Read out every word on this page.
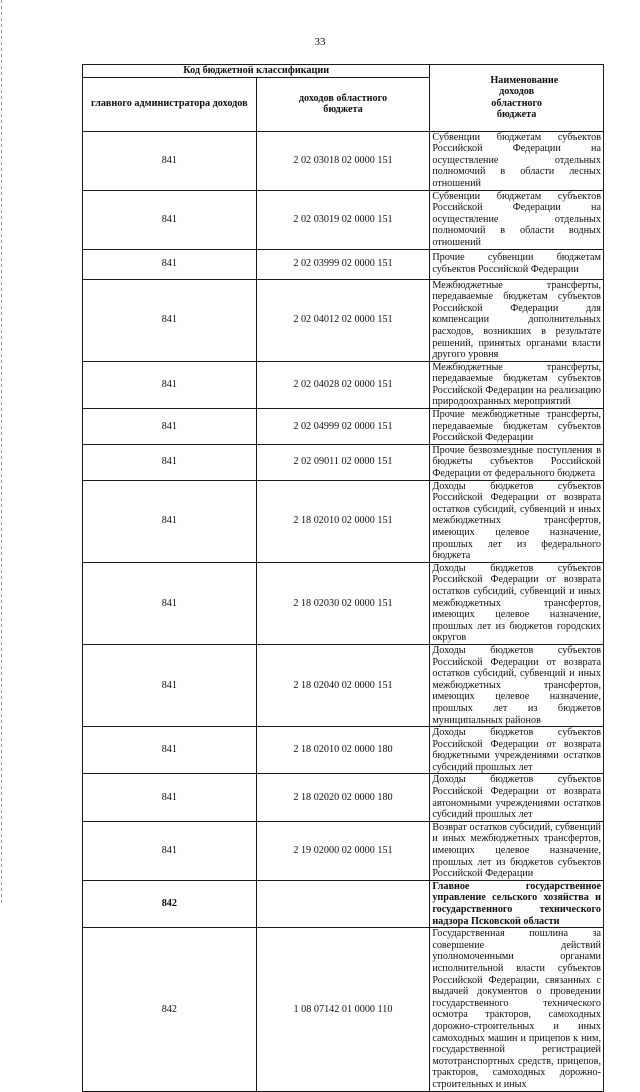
33
Код бюджетной классификации		Наименование доходов областного бюджета
главного администратора доходов	доходов областного бюджета	
841	2 02 03018 02 0000 151	Субвенции бюджетам субъектов Российской Федерации на осуществление отдельных полномочий в области лесных отношений
841	2 02 03019 02 0000 151	Субвенции бюджетам субъектов Российской Федерации на осуществление отдельных полномочий в области водных отношений
841	2 02 03999 02 0000 151	Прочие субвенции бюджетам субъектов Российской Федерации
841	2 02 04012 02 0000 151	Межбюджетные трансферты, передаваемые бюджетам субъектов Российской Федерации для компенсации дополнительных расходов, возникших в результате решений, принятых органами власти другого уровня
841	2 02 04028 02 0000 151	Межбюджетные трансферты, передаваемые бюджетам субъектов Российской Федерации на реализацию природоохранных мероприятий
841	2 02 04999 02 0000 151	Прочие межбюджетные трансферты, передаваемые бюджетам субъектов Российской Федерации
841	2 02 09011 02 0000 151	Прочие безвозмездные поступления в бюджеты субъектов Российской Федерации от федерального бюджета
841	2 18 02010 02 0000 151	Доходы бюджетов субъектов Российской Федерации от возврата остатков субсидий, субвенций и иных межбюджетных трансфертов, имеющих целевое назначение, прошлых лет из федерального бюджета
841	2 18 02030 02 0000 151	Доходы бюджетов субъектов Российской Федерации от возврата остатков субсидий, субвенций и иных межбюджетных трансфертов, имеющих целевое назначение, прошлых лет из бюджетов городских округов
841	2 18 02040 02 0000 151	Доходы бюджетов субъектов Российской Федерации от возврата остатков субсидий, субвенций и иных межбюджетных трансфертов, имеющих целевое назначение, прошлых лет из бюджетов муниципальных районов
841	2 18 02010 02 0000 180	Доходы бюджетов субъектов Российской Федерации от возврата бюджетными учреждениями остатков субсидий прошлых лет
841	2 18 02020 02 0000 180	Доходы бюджетов субъектов Российской Федерации от возврата автономными учреждениями остатков субсидий прошлых лет
841	2 19 02000 02 0000 151	Возврат остатков субсидий, субвенций и иных межбюджетных трансфертов, имеющих целевое назначение, прошлых лет из бюджетов субъектов Российской Федерации
842		Главное государственное управление сельского хозяйства и государственного технического надзора Псковской области
842	1 08 07142 01 0000 110	Государственная пошлина за совершение действий уполномоченными органами исполнительной власти субъектов Российской Федерации, связанных с выдачей документов о проведении государственного технического осмотра тракторов, самоходных дорожно-строительных и иных самоходных машин и прицепов к ним, государственной регистрацией мототранспортных средств, прицепов, тракторов, самоходных дорожно-строительных и иных
